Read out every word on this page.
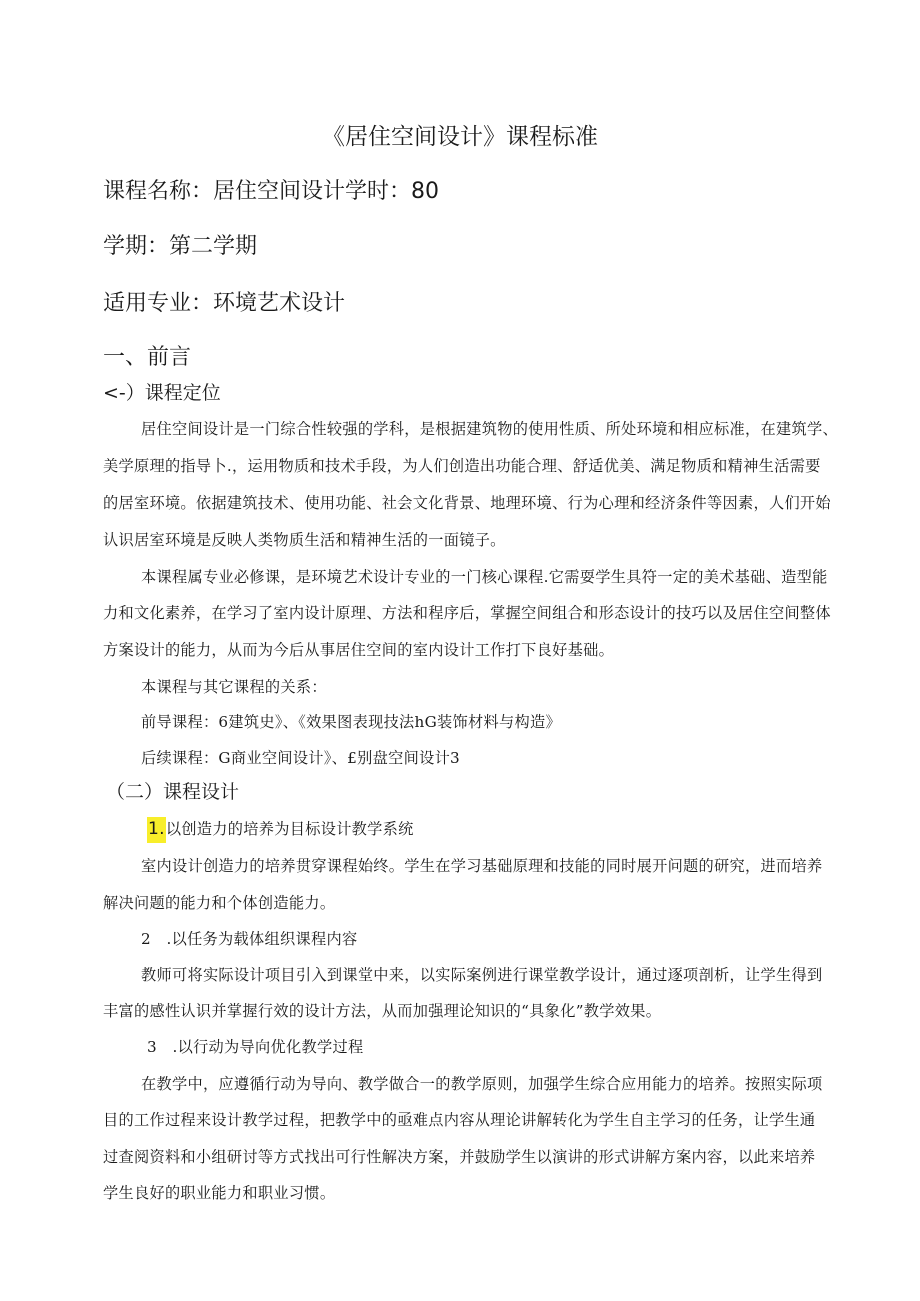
《居住空间设计》课程标准
课程名称：居住空间设计学时：80
学期：第二学期
适用专业：环境艺术设计
一、前言
<-）课程定位
居住空间设计是一门综合性较强的学科，是根据建筑物的使用性质、所处环境和相应标准，在建筑学、
美学原理的指导卜.，运用物质和技术手段，为人们创造出功能合理、舒适优美、满足物质和精神生活需要
的居室环境。依据建筑技术、使用功能、社会文化背景、地理环境、行为心理和经济条件等因素，人们开始
认识居室环境是反映人类物质生活和精神生活的一面镜子。
本课程属专业必修课，是环境艺术设计专业的一门核心课程.它需耍学生具符一定的美术基础、造型能
力和文化素养，在学习了室内设计原理、方法和程序后，掌握空间组合和形态设计的技巧以及居住空间整体
方案设计的能力，从而为今后从事居住空间的室内设计工作打下良好基础。
本课程与其它课程的关系：
前导课程：6建筑史》、《效果图表现技法hG装饰材料与构造》
后续课程：G商业空间设计》、£别盘空间设计3
（二）课程设计
1.以创造力的培养为目标设计教学系统
室内设计创造力的培养贯穿课程始终。学生在学习基础原理和技能的同时展开问题的研究，进而培养
解决问题的能力和个体创造能力。
2　.以任务为载体组织课程内容
教师可将实际设计项目引入到课堂中来，以实际案例进行课堂教学设计，通过逐项剖析，让学生得到
丰富的感性认识并掌握行效的设计方法，从而加强理论知识的“具象化”教学效果。
3　.以行动为导向优化教学过程
在教学中，应遵循行动为导向、教学做合一的教学原则，加强学生综合应用能力的培养。按照实际项
目的工作过程来设计教学过程，把教学中的亟难点内容从理论讲解转化为学生自主学习的任务，让学生通
过查阅资料和小组研讨等方式找出可行性解决方案，并鼓励学生以演讲的形式讲解方案内容，以此来培养
学生良好的职业能力和职业习惯。
